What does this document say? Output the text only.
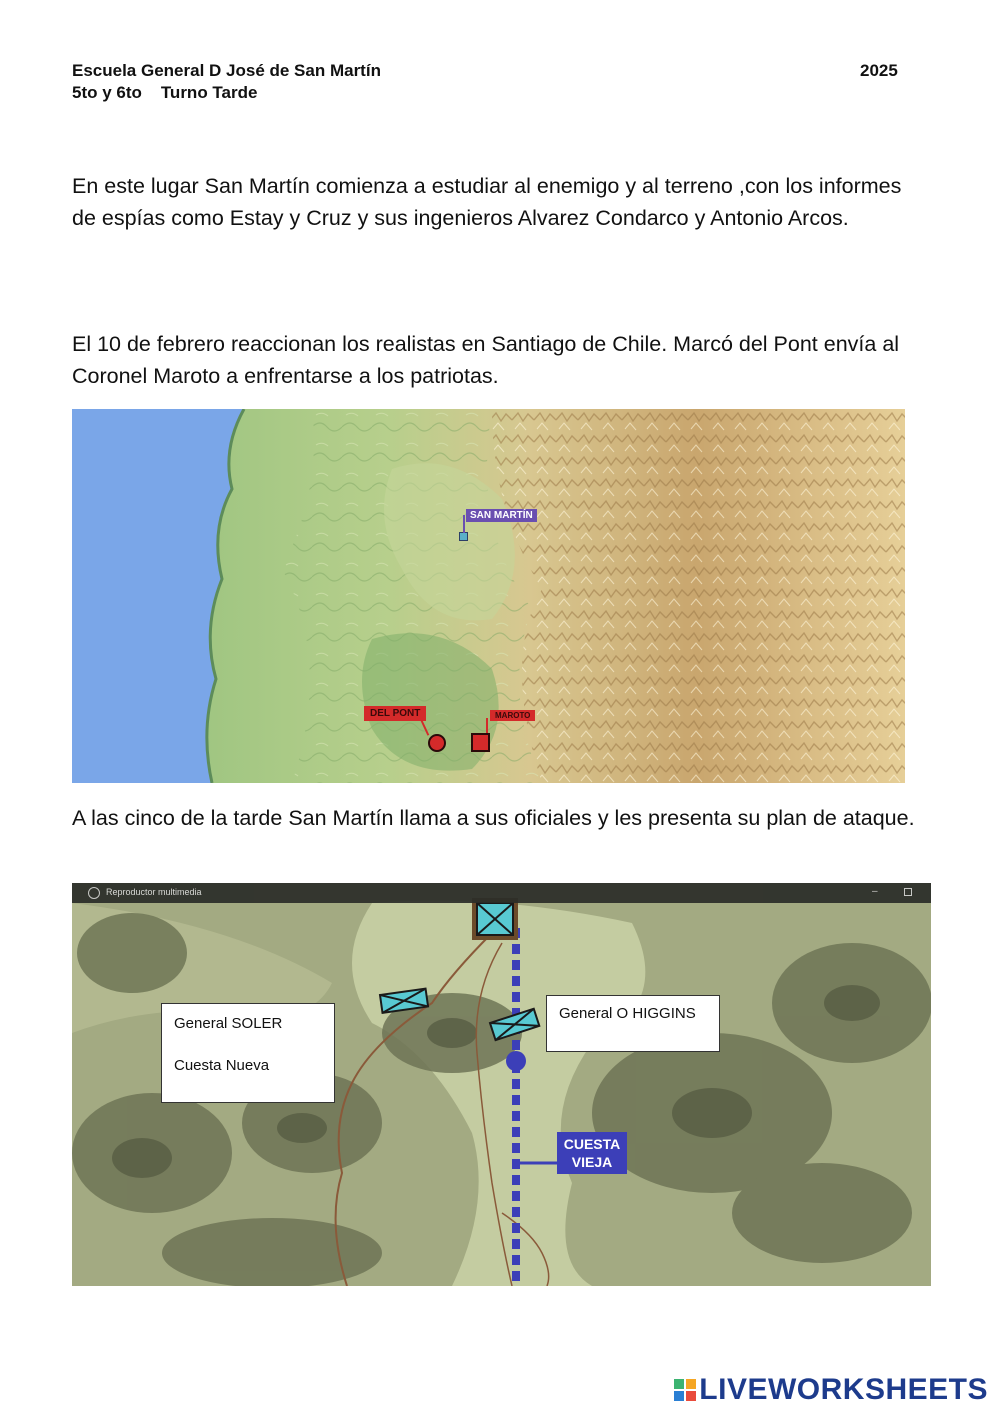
Escuela General D José de San Martín	2025
5to y 6to Turno Tarde
En este lugar San Martín comienza a estudiar al enemigo y al terreno ,con los informes de espías como Estay y Cruz y sus ingenieros Alvarez Condarco y Antonio Arcos.
El 10 de febrero reaccionan los realistas en Santiago de Chile. Marcó del Pont envía al Coronel Maroto a enfrentarse a los patriotas.
SAN MARTÍN
DEL PONT	MAROTO
A las cinco de la tarde San Martín llama a sus oficiales y les presenta su plan de ataque.
Reproductor multimedia	–
CUESTA
VIEJA
General SOLER
Cuesta Nueva
General O HIGGINS
LIVEWORKSHEETS
